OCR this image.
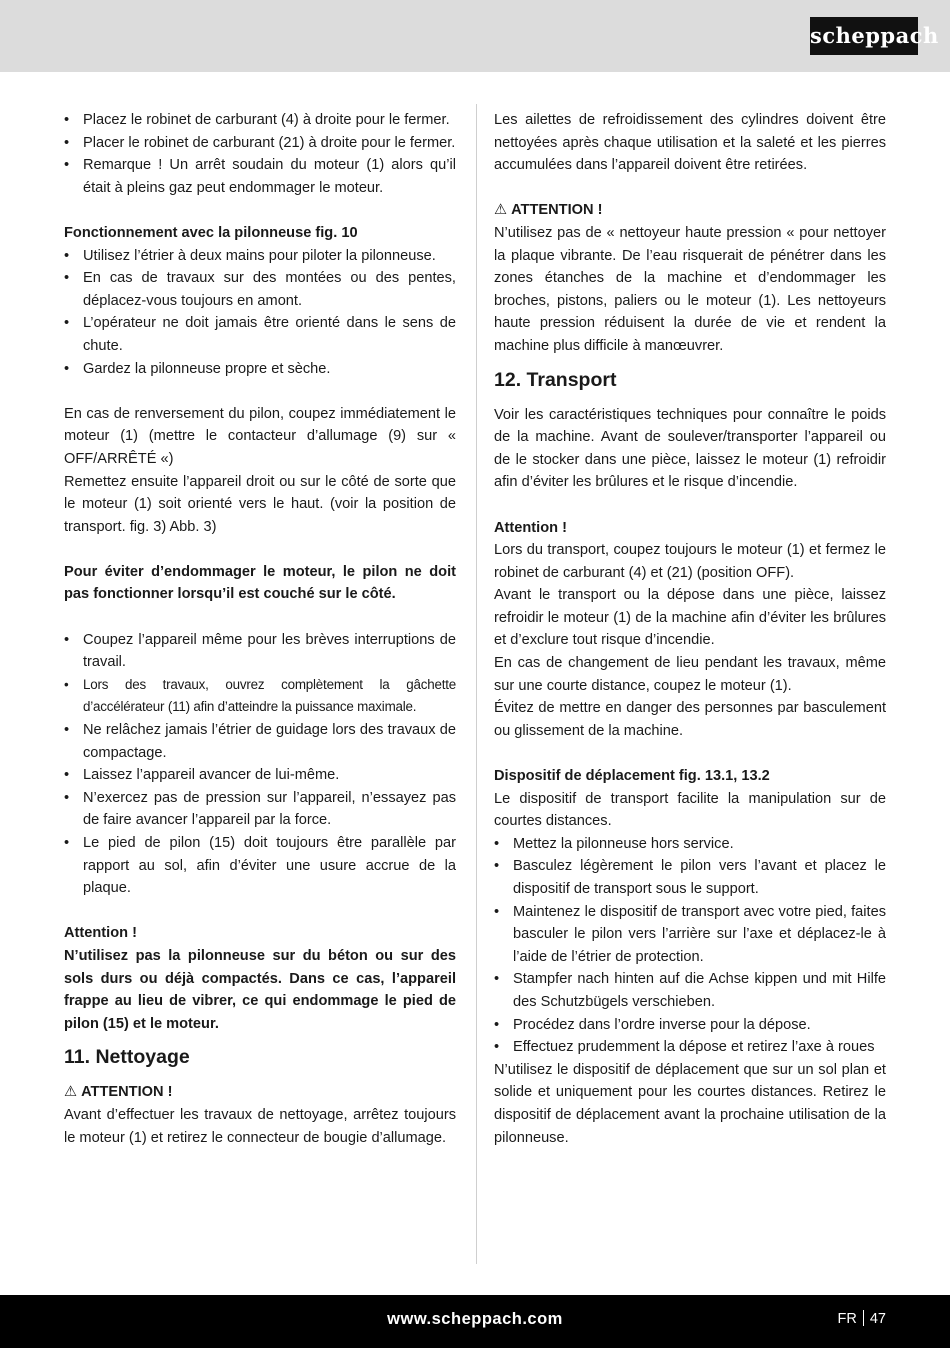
scheppach
• Placez le robinet de carburant (4) à droite pour le fermer.
• Placer le robinet de carburant (21) à droite pour le fermer.
• Remarque ! Un arrêt soudain du moteur (1) alors qu’il était à pleins gaz peut endommager le moteur.

Fonctionnement avec la pilonneuse fig. 10

• Utilisez l’étrier à deux mains pour piloter la pilonneuse.
• En cas de travaux sur des montées ou des pentes, déplacez-vous toujours en amont.
• L’opérateur ne doit jamais être orienté dans le sens de chute.
• Gardez la pilonneuse propre et sèche.

En cas de renversement du pilon, coupez immédiatement le moteur (1) (mettre le contacteur d’allumage (9) sur « OFF/ARRÊTÉ «)

Remettez ensuite l’appareil droit ou sur le côté de sorte que le moteur (1) soit orienté vers le haut. (voir la position de transport. fig. 3) Abb. 3)

Pour éviter d’endommager le moteur, le pilon ne doit pas fonctionner lorsqu’il est couché sur le côté.

• Coupez l’appareil même pour les brèves interruptions de travail.
• Lors des travaux, ouvrez complètement la gâchette d’accélérateur (11) afin d’atteindre la puissance maximale.
• Ne relâchez jamais l’étrier de guidage lors des travaux de compactage.
• Laissez l’appareil avancer de lui-même.
• N’exercez pas de pression sur l’appareil, n’essayez pas de faire avancer l’appareil par la force.
• Le pied de pilon (15) doit toujours être parallèle par rapport au sol, afin d’éviter une usure accrue de la plaque.

Attention !

N’utilisez pas la pilonneuse sur du béton ou sur des sols durs ou déjà compactés. Dans ce cas, l’appareil frappe au lieu de vibrer, ce qui endommage le pied de pilon (15) et le moteur.

11. Nettoyage

⚠ ATTENTION !

Avant d’effectuer les travaux de nettoyage, arrêtez toujours le moteur (1) et retirez le connecteur de bougie d’allumage.

Les ailettes de refroidissement des cylindres doivent être nettoyées après chaque utilisation et la saleté et les pierres accumulées dans l’appareil doivent être retirées.

⚠ ATTENTION !

N’utilisez pas de « nettoyeur haute pression « pour nettoyer la plaque vibrante. De l’eau risquerait de pénétrer dans les zones étanches de la machine et d’endommager les broches, pistons, paliers ou le moteur (1). Les nettoyeurs haute pression réduisent la durée de vie et rendent la machine plus difficile à manœuvrer.

12. Transport

Voir les caractéristiques techniques pour connaître le poids de la machine. Avant de soulever/transporter l’appareil ou de le stocker dans une pièce, laissez le moteur (1) refroidir afin d’éviter les brûlures et le risque d’incendie.

Attention !

Lors du transport, coupez toujours le moteur (1) et fermez le robinet de carburant (4) et (21) (position OFF).

Avant le transport ou la dépose dans une pièce, laissez refroidir le moteur (1) de la machine afin d’éviter les brûlures et d’exclure tout risque d’incendie.

En cas de changement de lieu pendant les travaux, même sur une courte distance, coupez le moteur (1).

Évitez de mettre en danger des personnes par basculement ou glissement de la machine.

Dispositif de déplacement fig. 13.1, 13.2

Le dispositif de transport facilite la manipulation sur de courtes distances.

• Mettez la pilonneuse hors service.
• Basculez légèrement le pilon vers l’avant et placez le dispositif de transport sous le support.
• Maintenez le dispositif de transport avec votre pied, faites basculer le pilon vers l’arrière sur l’axe et déplacez-le à l’aide de l’étrier de protection.
• Stampfer nach hinten auf die Achse kippen und mit Hilfe des Schutzbügels verschieben.
• Procédez dans l’ordre inverse pour la dépose.
• Effectuez prudemment la dépose et retirez l’axe à roues

N’utilisez le dispositif de déplacement que sur un sol plan et solide et uniquement pour les courtes distances. Retirez le dispositif de déplacement avant la prochaine utilisation de la pilonneuse.

www.scheppach.com	FR 47
